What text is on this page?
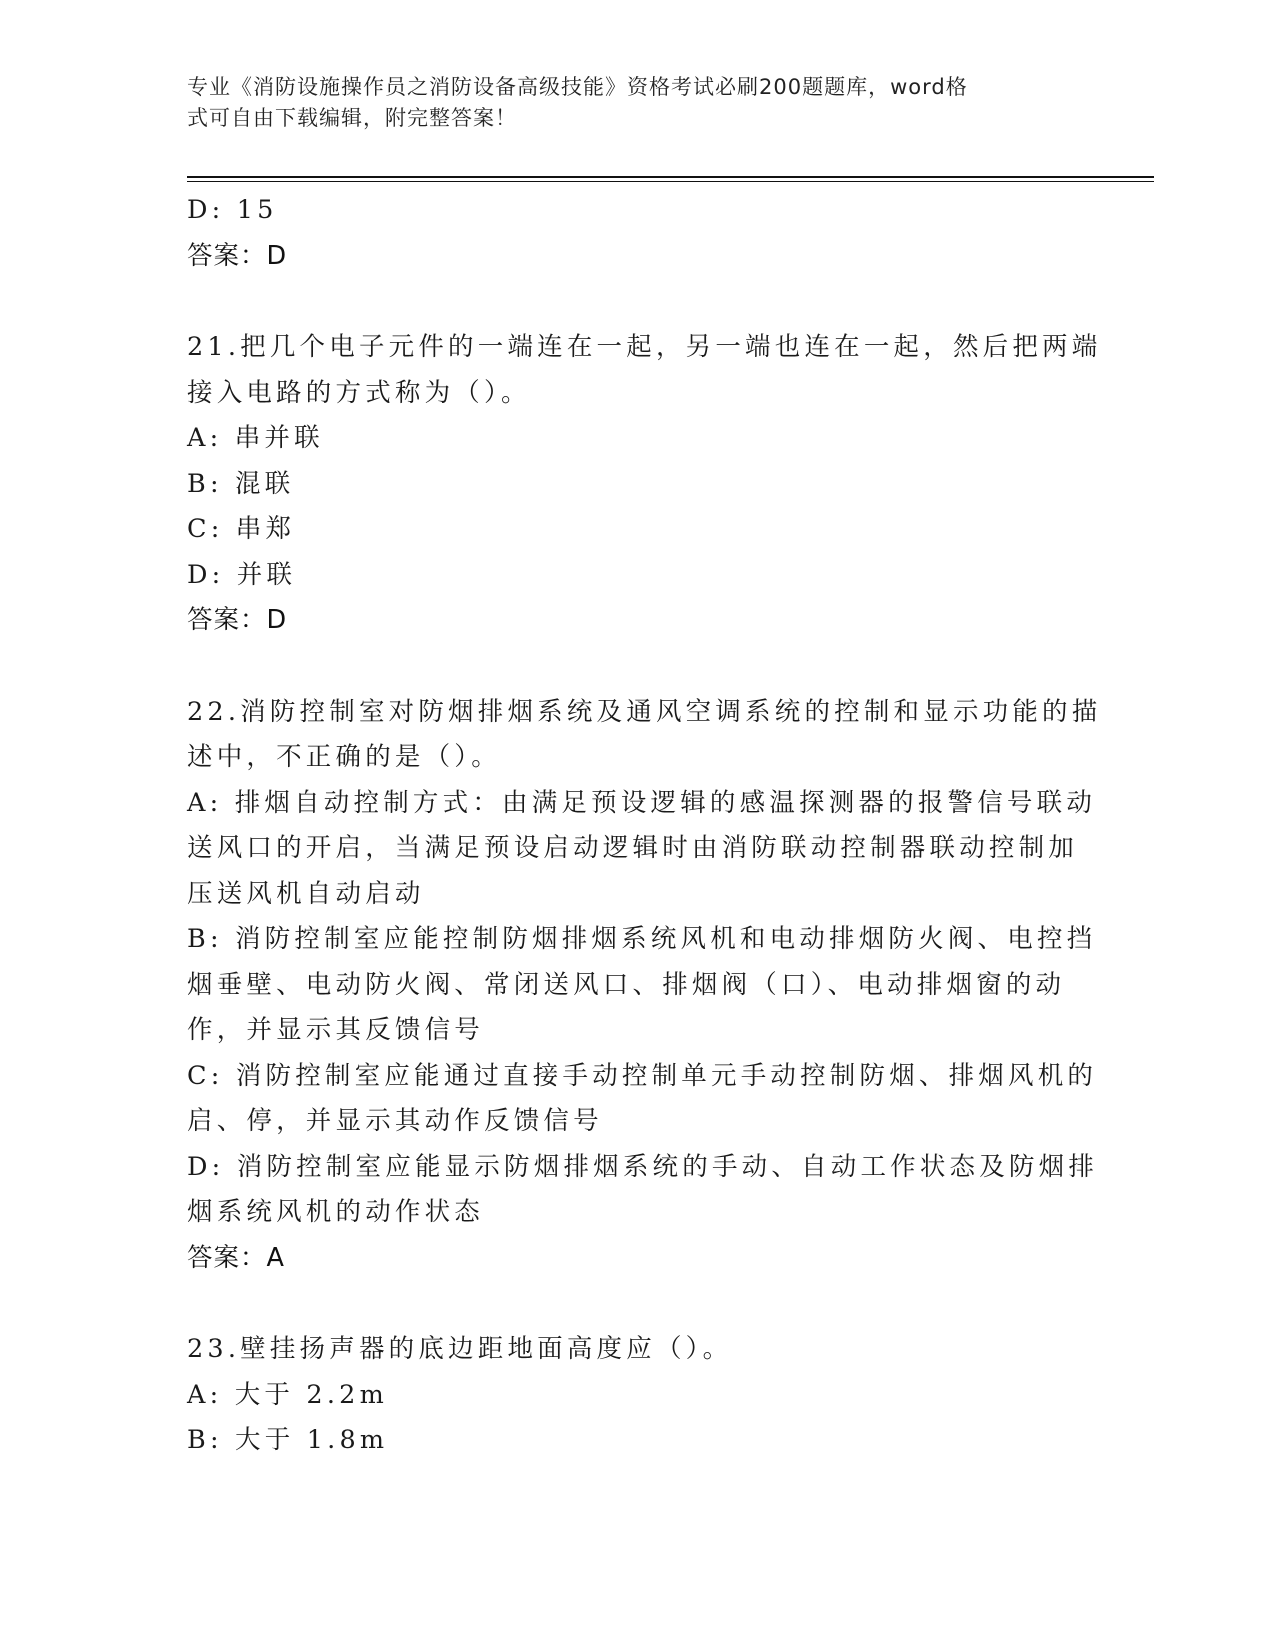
专业《消防设施操作员之消防设备高级技能》资格考试必刷200题题库，word格
式可自由下载编辑，附完整答案！
D: 15
答案：D
21.把几个电子元件的一端连在一起，另一端也连在一起，然后把两端
接入电路的方式称为（）。
A: 串并联
B: 混联
C: 串郑
D: 并联
答案：D
22.消防控制室对防烟排烟系统及通风空调系统的控制和显示功能的描
述中，不正确的是（）。
A: 排烟自动控制方式：由满足预设逻辑的感温探测器的报警信号联动
送风口的开启，当满足预设启动逻辑时由消防联动控制器联动控制加
压送风机自动启动
B: 消防控制室应能控制防烟排烟系统风机和电动排烟防火阀、电控挡
烟垂壁、电动防火阀、常闭送风口、排烟阀（口）、电动排烟窗的动
作，并显示其反馈信号
C: 消防控制室应能通过直接手动控制单元手动控制防烟、排烟风机的
启、停，并显示其动作反馈信号
D: 消防控制室应能显示防烟排烟系统的手动、自动工作状态及防烟排
烟系统风机的动作状态
答案：A
23.壁挂扬声器的底边距地面高度应（）。
A: 大于 2.2m
B: 大于 1.8m
